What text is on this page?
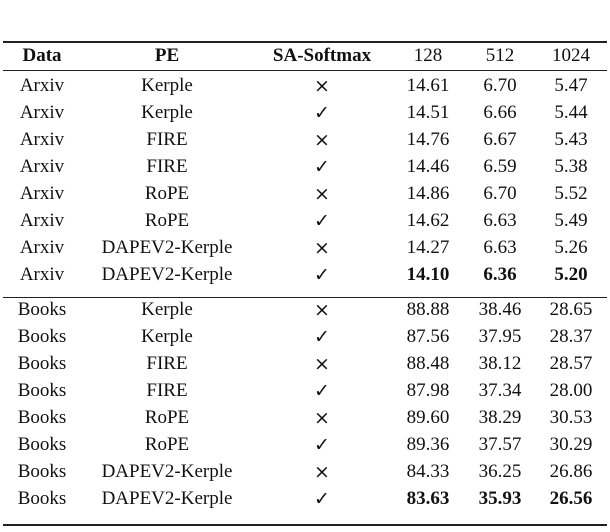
Data	PE	SA-Softmax	128	512	1024
Arxiv	Kerple	×	14.61	6.70	5.47
Arxiv	Kerple	✓	14.51	6.66	5.44
Arxiv	FIRE	×	14.76	6.67	5.43
Arxiv	FIRE	✓	14.46	6.59	5.38
Arxiv	RoPE	×	14.86	6.70	5.52
Arxiv	RoPE	✓	14.62	6.63	5.49
Arxiv	DAPEV2-Kerple	×	14.27	6.63	5.26
Arxiv	DAPEV2-Kerple	✓	14.10	6.36	5.20
Books	Kerple	×	88.88	38.46	28.65
Books	Kerple	✓	87.56	37.95	28.37
Books	FIRE	×	88.48	38.12	28.57
Books	FIRE	✓	87.98	37.34	28.00
Books	RoPE	×	89.60	38.29	30.53
Books	RoPE	✓	89.36	37.57	30.29
Books	DAPEV2-Kerple	×	84.33	36.25	26.86
Books	DAPEV2-Kerple	✓	83.63	35.93	26.56
